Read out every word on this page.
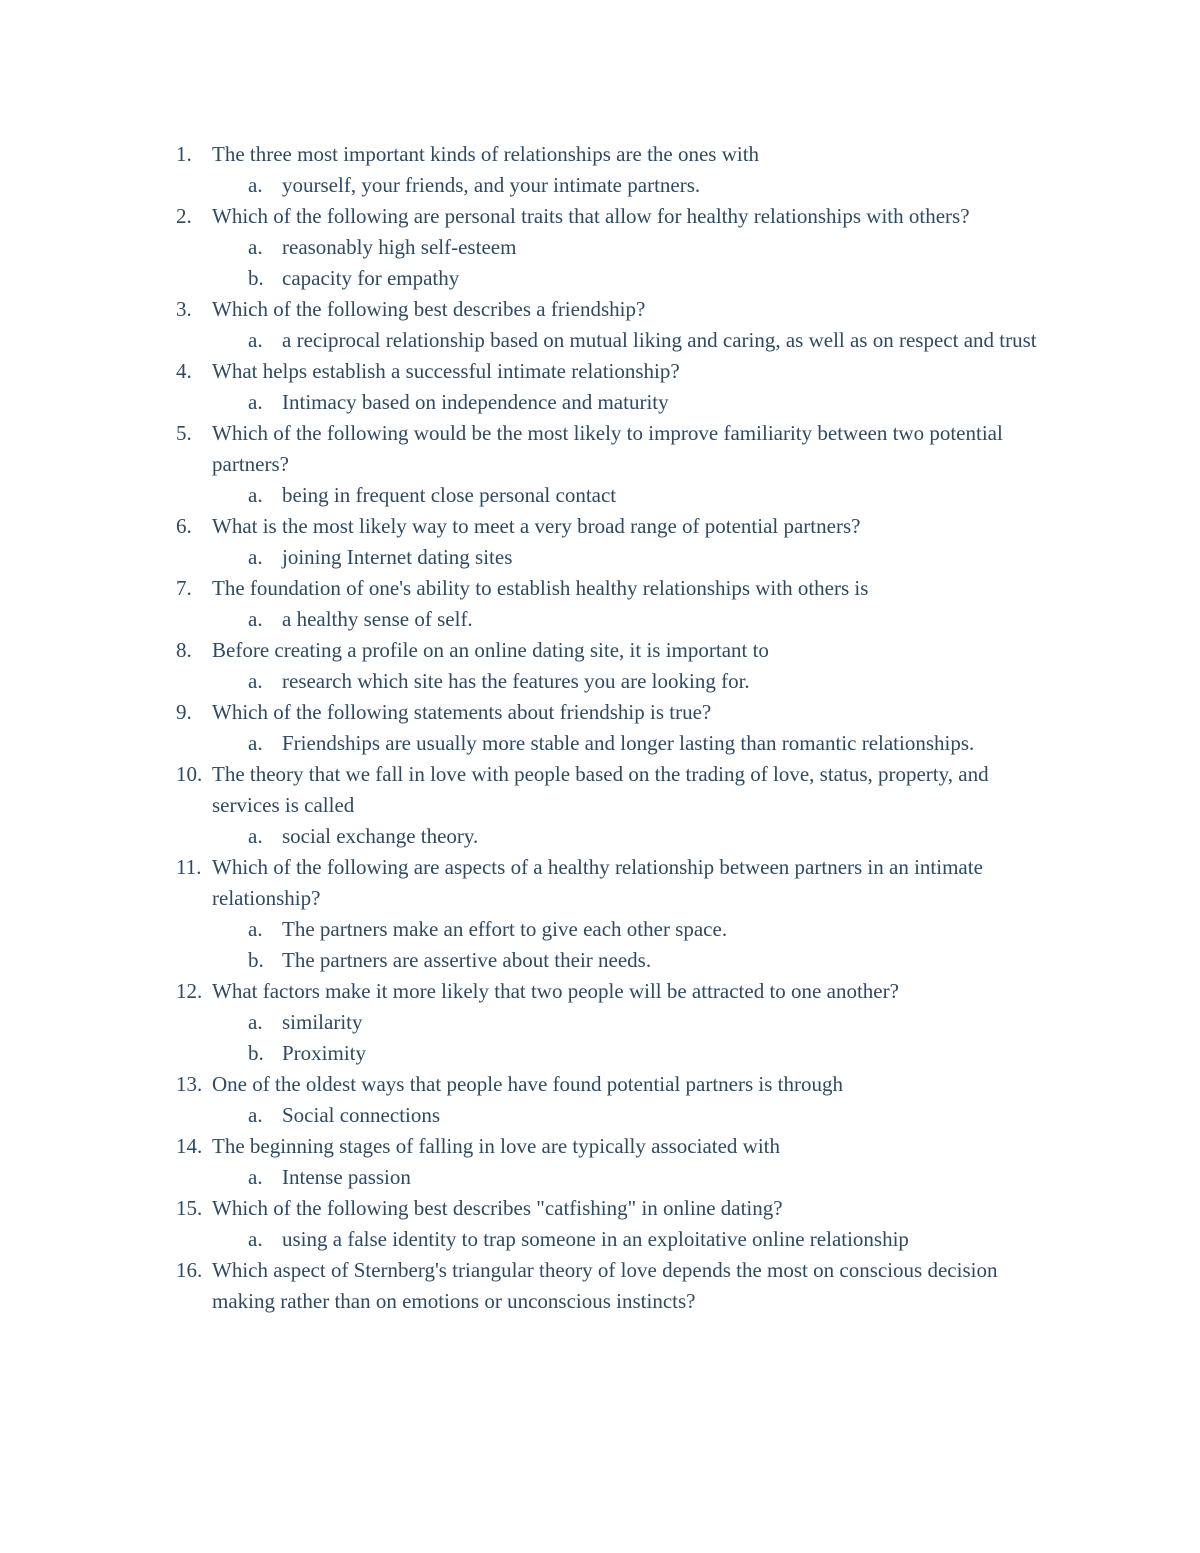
1. The three most important kinds of relationships are the ones with
a. yourself, your friends, and your intimate partners.
2. Which of the following are personal traits that allow for healthy relationships with others?
a. reasonably high self-esteem
b. capacity for empathy
3. Which of the following best describes a friendship?
a. a reciprocal relationship based on mutual liking and caring, as well as on respect and trust
4. What helps establish a successful intimate relationship?
a. Intimacy based on independence and maturity
5. Which of the following would be the most likely to improve familiarity between two potential partners?
a. being in frequent close personal contact
6. What is the most likely way to meet a very broad range of potential partners?
a. joining Internet dating sites
7. The foundation of one's ability to establish healthy relationships with others is
a. a healthy sense of self.
8. Before creating a profile on an online dating site, it is important to
a. research which site has the features you are looking for.
9. Which of the following statements about friendship is true?
a. Friendships are usually more stable and longer lasting than romantic relationships.
10. The theory that we fall in love with people based on the trading of love, status, property, and services is called
a. social exchange theory.
11. Which of the following are aspects of a healthy relationship between partners in an intimate relationship?
a. The partners make an effort to give each other space.
b. The partners are assertive about their needs.
12. What factors make it more likely that two people will be attracted to one another?
a. similarity
b. Proximity
13. One of the oldest ways that people have found potential partners is through
a. Social connections
14. The beginning stages of falling in love are typically associated with
a. Intense passion
15. Which of the following best describes "catfishing" in online dating?
a. using a false identity to trap someone in an exploitative online relationship
16. Which aspect of Sternberg's triangular theory of love depends the most on conscious decision making rather than on emotions or unconscious instincts?
